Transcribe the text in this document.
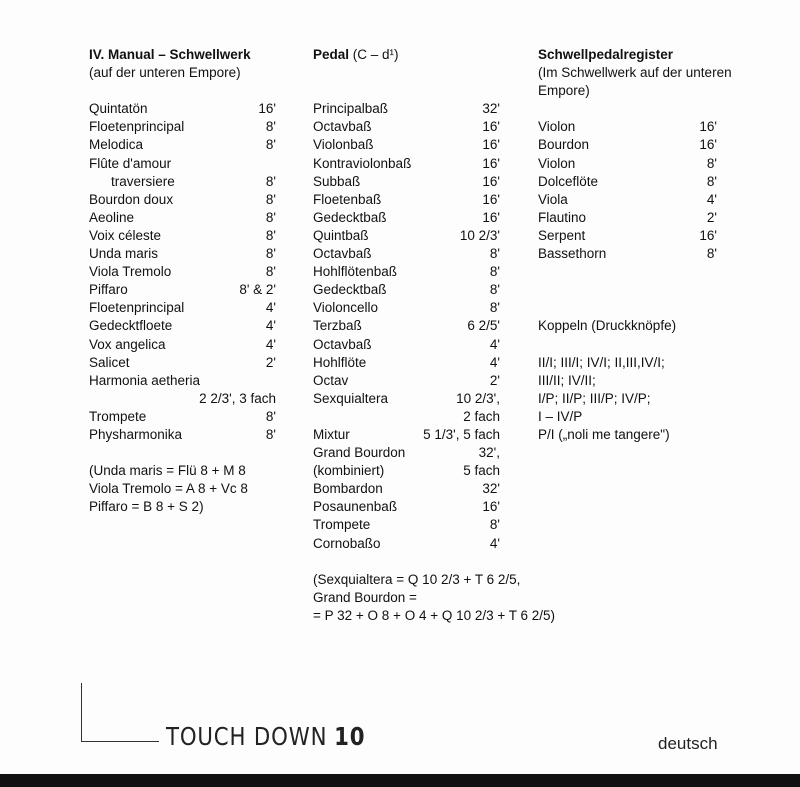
IV. Manual – Schwellwerk
(auf der unteren Empore)
Quintatön	16'
Floetenprincipal	8'
Melodica	8'
Flûte d'amour
traversiere	8'
Bourdon doux	8'
Aeoline	8'
Voix céleste	8'
Unda maris	8'
Viola Tremolo	8'
Piffaro	8' & 2'
Floetenprincipal	4'
Gedecktfloete	4'
Vox angelica	4'
Salicet	2'
Harmonia aetheria
2 2/3', 3 fach
Trompete	8'
Physharmonika	8'
(Unda maris = Flü 8 + M 8
Viola Tremolo = A 8 + Vc 8
Piffaro = B 8 + S 2)
Pedal (C – d¹)
Principalbaß	32'
Octavbaß	16'
Violonbaß	16'
Kontraviolonbaß	16'
Subbaß	16'
Floetenbaß	16'
Gedecktbaß	16'
Quintbaß	10 2/3'
Octavbaß	8'
Hohlflötenbaß	8'
Gedecktbaß	8'
Violoncello	8'
Terzbaß	6 2/5'
Octavbaß	4'
Hohlflöte	4'
Octav	2'
Sexquialtera	10 2/3',
2 fach
Mixtur	5 1/3', 5 fach
Grand Bourdon	32',
(kombiniert)	5 fach
Bombardon	32'
Posaunenbaß	16'
Trompete	8'
Cornobaßo	4'
(Sexquialtera = Q 10 2/3 + T 6 2/5,
Grand Bourdon =
= P 32 + O 8 + O 4 + Q 10 2/3 + T 6 2/5)
Schwellpedalregister
(Im Schwellwerk auf der unteren
Empore)
Violon	16'
Bourdon	16'
Violon	8'
Dolceflöte	8'
Viola	4'
Flautino	2'
Serpent	16'
Bassethorn	8'
Koppeln (Druckknöpfe)
II/I; III/I; IV/I; II,III,IV/I;
III/II; IV/II;
I/P; II/P; III/P; IV/P;
I – IV/P
P/I („noli me tangere")
TOUCH DOWN 10	deutsch
